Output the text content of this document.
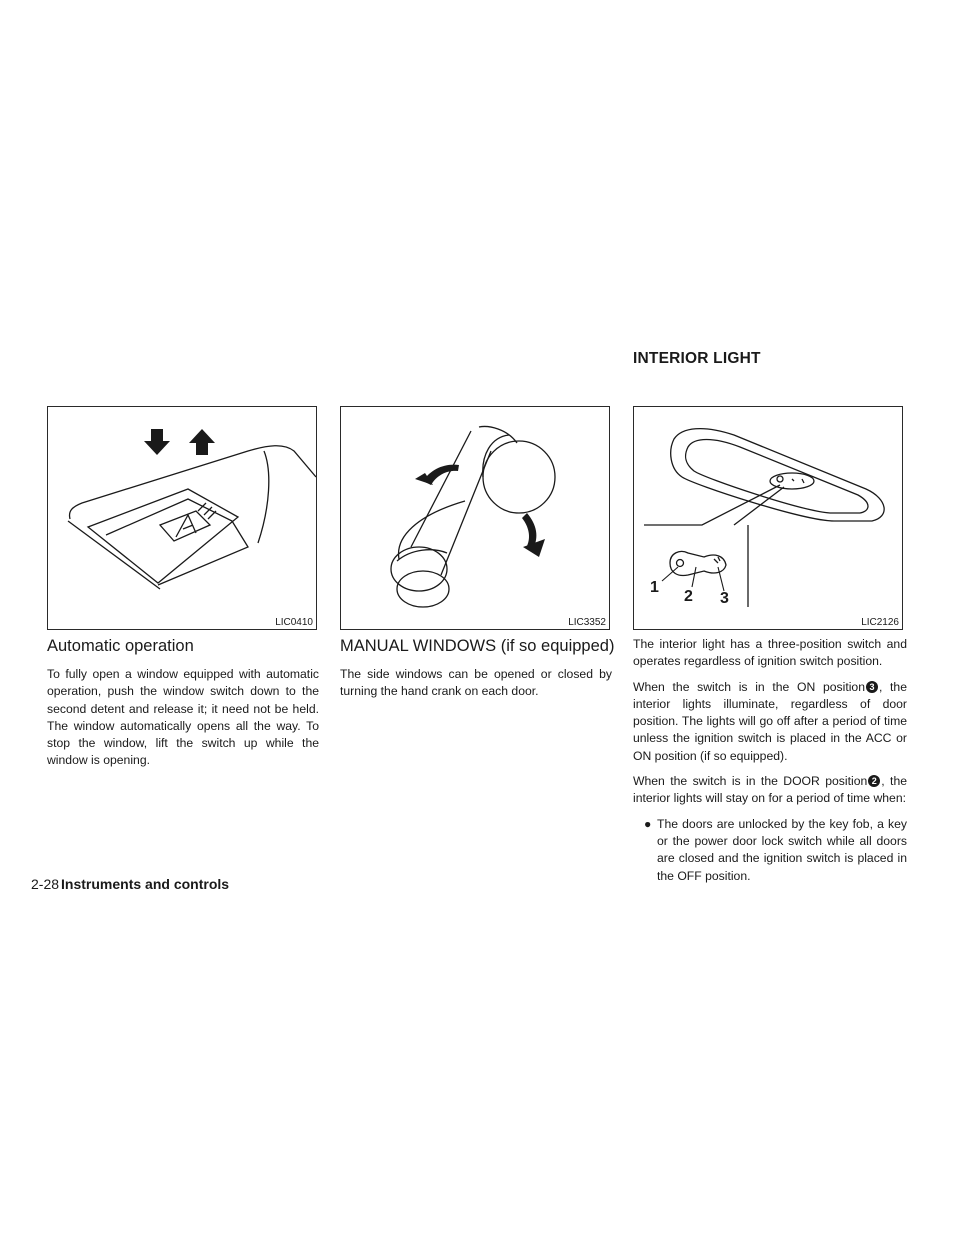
INTERIOR LIGHT
LIC0410	LIC3352
1
2 3
LIC2126
Automatic operation

To fully open a window equipped with automatic operation, push the window switch down to the second detent and release it; it need not be held. The window automatically opens all the way. To stop the window, lift the switch up while the window is opening.

MANUAL WINDOWS (if so equipped)

The side windows can be opened or closed by turning the hand crank on each door.

The interior light has a three-position switch and operates regardless of ignition switch position.

When the switch is in the ON position 3 , the interior lights illuminate, regardless of door position. The lights will go off after a period of time unless the ignition switch is placed in the ACC or ON position (if so equipped).

When the switch is in the DOOR position 2 , the interior lights will stay on for a period of time when:

● The doors are unlocked by the key fob, a key or the power door lock switch while all doors are closed and the ignition switch is placed in the OFF position.

2-28 Instruments and controls
